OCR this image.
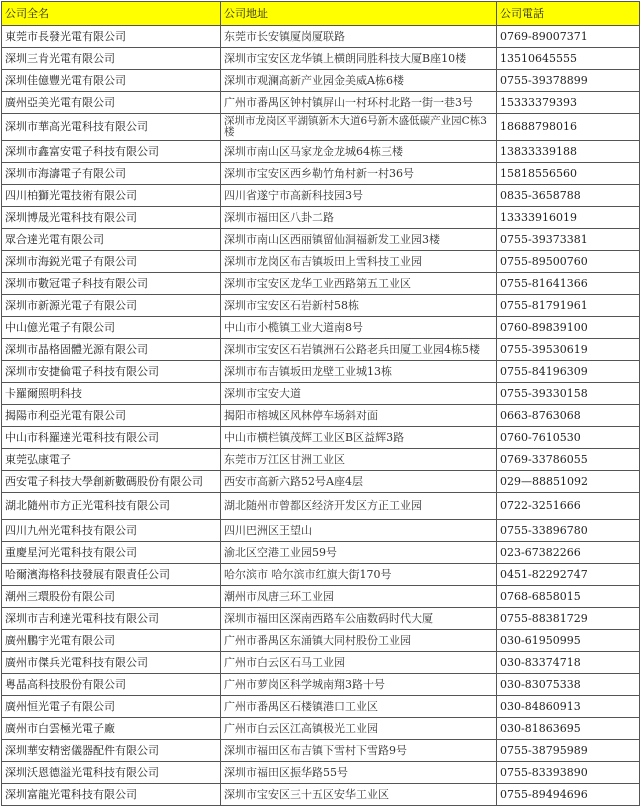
公司全名	公司地址	公司電話
東莞市長發光電有限公司	东莞市长安镇厦岗厦联路	0769-89007371
深圳三肯光電有限公司	深圳市宝安区龙华镇上横朗同胜科技大厦B座10楼	13510645555
深圳佳億豐光電有限公司	深圳市观澜高新产业园金美威A栋6楼	0755-39378899
廣州亞美光電有限公司	广州市番禺区钟村镇屏山一村环村北路一街一巷3号	15333379393
深圳市華高光電科技有限公司	深圳市龙岗区平湖镇新木大道6号新木盛低碳产业园C栋3楼	18688798016
深圳市鑫富安電子科技有限公司	深圳市南山区马家龙金龙城64栋三楼	13833339188
深圳市海濤電子有限公司	深圳市宝安区西乡勒竹角村新一村36号	15818556560
四川柏獅光電技術有限公司	四川省遂宁市高新科技园3号	0835-3658788
深圳博晟光電科技有限公司	深圳市福田区八卦二路	13333916019
眾合達光電有限公司	深圳市南山区西丽镇留仙洞福新发工业园3楼	0755-39373381
深圳市海鋭光電子有限公司	深圳市龙岗区布吉镇坂田上雪科技工业园	0755-89500760
深圳市數冠電子科技有限公司	深圳市宝安区龙华工业西路第五工业区	0755-81641366
深圳市新源光電子有限公司	深圳市宝安区石岩新村58栋	0755-81791961
中山億光電子有限公司	中山市小榄镇工业大道南8号	0760-89839100
深圳市晶格固體光源有限公司	深圳市宝安区石岩镇洲石公路老兵田厦工业园4栋5楼	0755-39530619
深圳市安捷倫電子科技有限公司	深圳市布吉镇坂田龙壁工业城13栋	0755-84196309
卡羅爾照明科技	深圳市宝安大道	0755-39330158
揭陽市利亞光電有限公司	揭阳市榕城区风林停车场斜对面	0663-8763068
中山市科羅達光電科技有限公司	中山市横栏镇茂辉工业区B区益辉3路	0760-7610530
東莞弘康電子	东莞市万江区甘洲工业区	0769-33786055
西安電子科技大學創新數碼股份有限公司	西安市高新六路52号A座4层	029—88851092
湖北隨州市方正光電科技有限公司	湖北随州市曾都区经济开发区方正工业园	0722-3251666
四川九州光電科技有限公司	四川巴洲区王望山	0755-33896780
重慶星河光電科技有限公司	渝北区空港工业园59号	023-67382266
哈爾濱海格科技發展有限責任公司	哈尔滨市 哈尔滨市红旗大街170号	0451-82292747
潮州三環股份有限公司	潮州市凤唐三环工业园	0768-6858015
深圳市吉利達光電科技有限公司	深圳市福田区深南西路车公庙数码时代大厦	0755-88381729
廣州鵬宇光電有限公司	广州市番禺区东涌镇大同村股份工业园	030-61950995
廣州市傑兵光電科技有限公司	广州市白云区石马工业园	030-83374718
粵晶高科技股份有限公司	广州市萝岗区科学城南翔3路十号	030-83075338
廣州恒光電子有限公司	广州市番禺区石楼镇港口工业区	030-84860913
廣州市白雲極光電子廠	广州市白云区江高镇极光工业园	030-81863695
深圳華安精密儀器配件有限公司	深圳市福田区布吉镇下雪村下雪路9号	0755-38795989
深圳沃恩德溢光電科技有限公司	深圳市福田区振华路55号	0755-83393890
深圳富龍光電科技有限公司	深圳市宝安区三十五区安华工业区	0755-89494696
